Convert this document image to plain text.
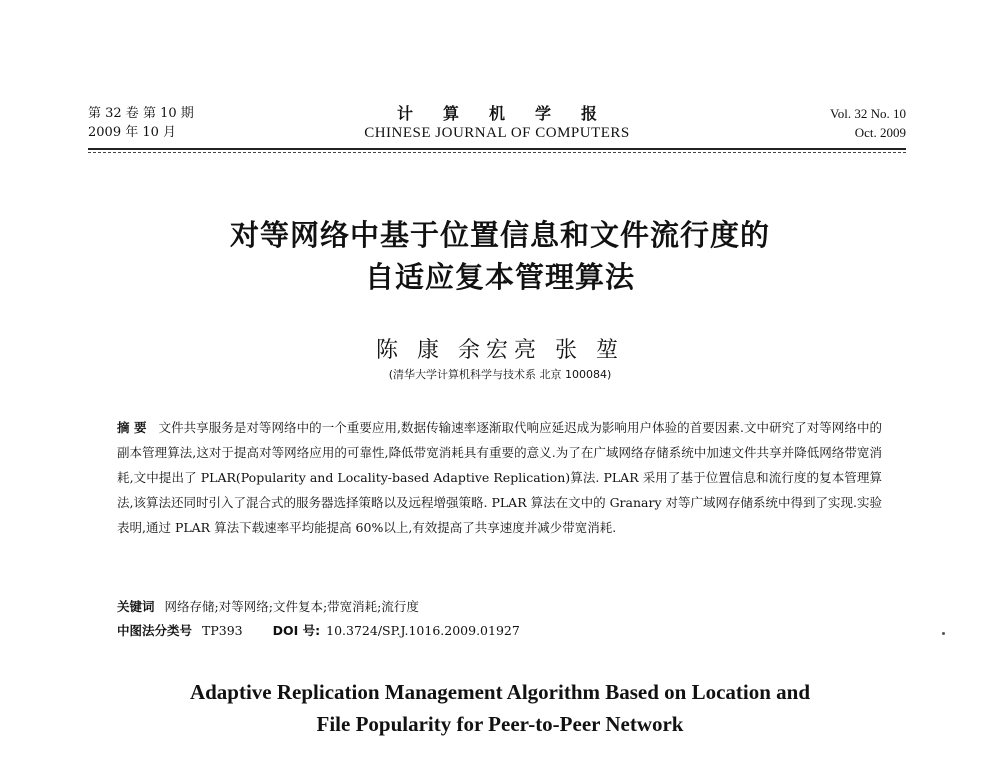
第 32 卷 第 10 期
2009 年 10 月
计算机学报
CHINESE JOURNAL OF COMPUTERS
Vol. 32 No. 10
Oct. 2009
对等网络中基于位置信息和文件流行度的
自适应复本管理算法
陈 康 余宏亮 张 堃
(清华大学计算机科学与技术系 北京 100084)
摘 要 文件共享服务是对等网络中的一个重要应用,数据传输速率逐渐取代响应延迟成为影响用户体验的首要因素.文中研究了对等网络中的副本管理算法,这对于提高对等网络应用的可靠性,降低带宽消耗具有重要的意义.为了在广域网络存储系统中加速文件共享并降低网络带宽消耗,文中提出了 PLAR(Popularity and Locality-based Adaptive Replication)算法. PLAR 采用了基于位置信息和流行度的复本管理算法,该算法还同时引入了混合式的服务器选择策略以及远程增强策略. PLAR 算法在文中的 Granary 对等广域网存储系统中得到了实现.实验表明,通过 PLAR 算法下载速率平均能提高 60%以上,有效提高了共享速度并减少带宽消耗.
关键词 网络存储;对等网络;文件复本;带宽消耗;流行度
中图法分类号 TP393 DOI 号: 10.3724/SP.J.1016.2009.01927
Adaptive Replication Management Algorithm Based on Location and
File Popularity for Peer-to-Peer Network
